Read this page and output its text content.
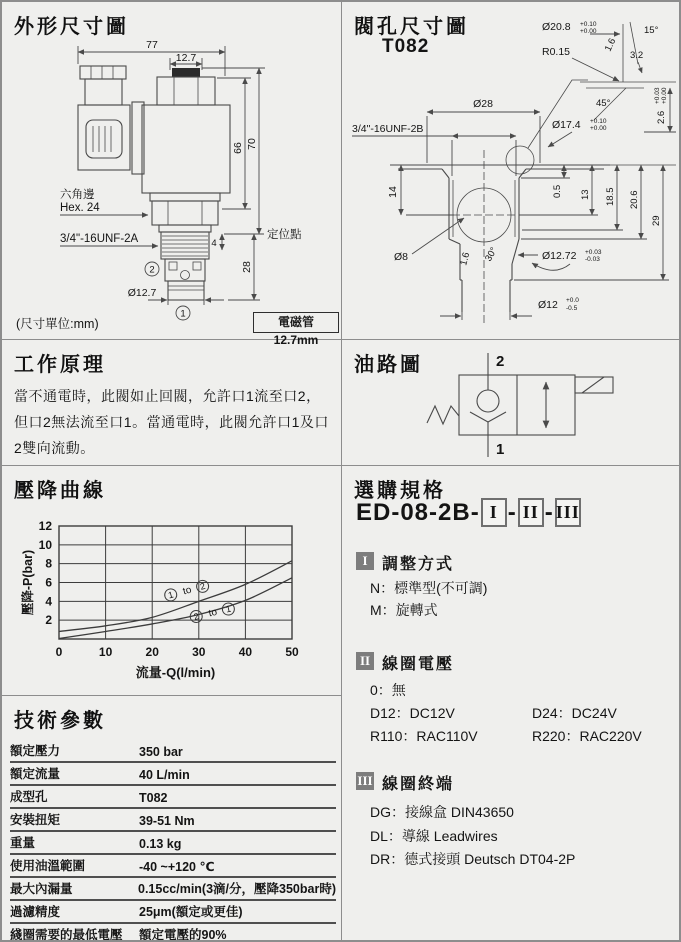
外形尺寸圖
77
12.7
66 70
定位點
4
28
六角邊
Hex. 24
3/4"-16UNF-2A
Ø12.7
2
1
(尺寸單位:mm)	電磁管 12.7mm
閥孔尺寸圖
T082
14
Ø28
3/4"-16UNF-2B
Ø20.8 +0.10
+0.00
R0.15
15°
1.6
3.2
45°
Ø17.4 +0.10
+0.00
2.6
+0.03 +0.00
0.5 13 18.5 20.6
29
Ø8	1.6 30°	Ø12.72 +0.03
-0.03
Ø12 +0.0
-0.5
工作原理
當不通電時，此閥如止回閥，允許口1流至口2，但口2無法流至口1。當通電時，此閥允許口1及口2雙向流動。
油路圖	2
1
壓降曲線
0	10	20	30	40	50
2
4
6
8
10
12
壓降-P(bar)
流量-Q(l/min)
1 to 2
2 to 1
技術參數
額定壓力	350 bar
額定流量	40 L/min
成型孔	T082
安裝扭矩	39-51 Nm
重量	0.13 kg
使用油溫範圍	-40 ~+120 ℃
最大內漏量	0.15cc/min(3滴/分，壓降350bar時)
過濾精度	25μm(額定或更佳)
綫圈需要的最低電壓	額定電壓的90%
選購規格
ED-08-2B- I - II - III
I 調整方式
N：標準型(不可調)
M：旋轉式
II 線圈電壓
0：無
D12：DC12V	D24：DC24V
R110：RAC110V	R220：RAC220V
III 線圈終端
DG：接線盒 DIN43650
DL：導線 Leadwires
DR：德式接頭 Deutsch DT04-2P
